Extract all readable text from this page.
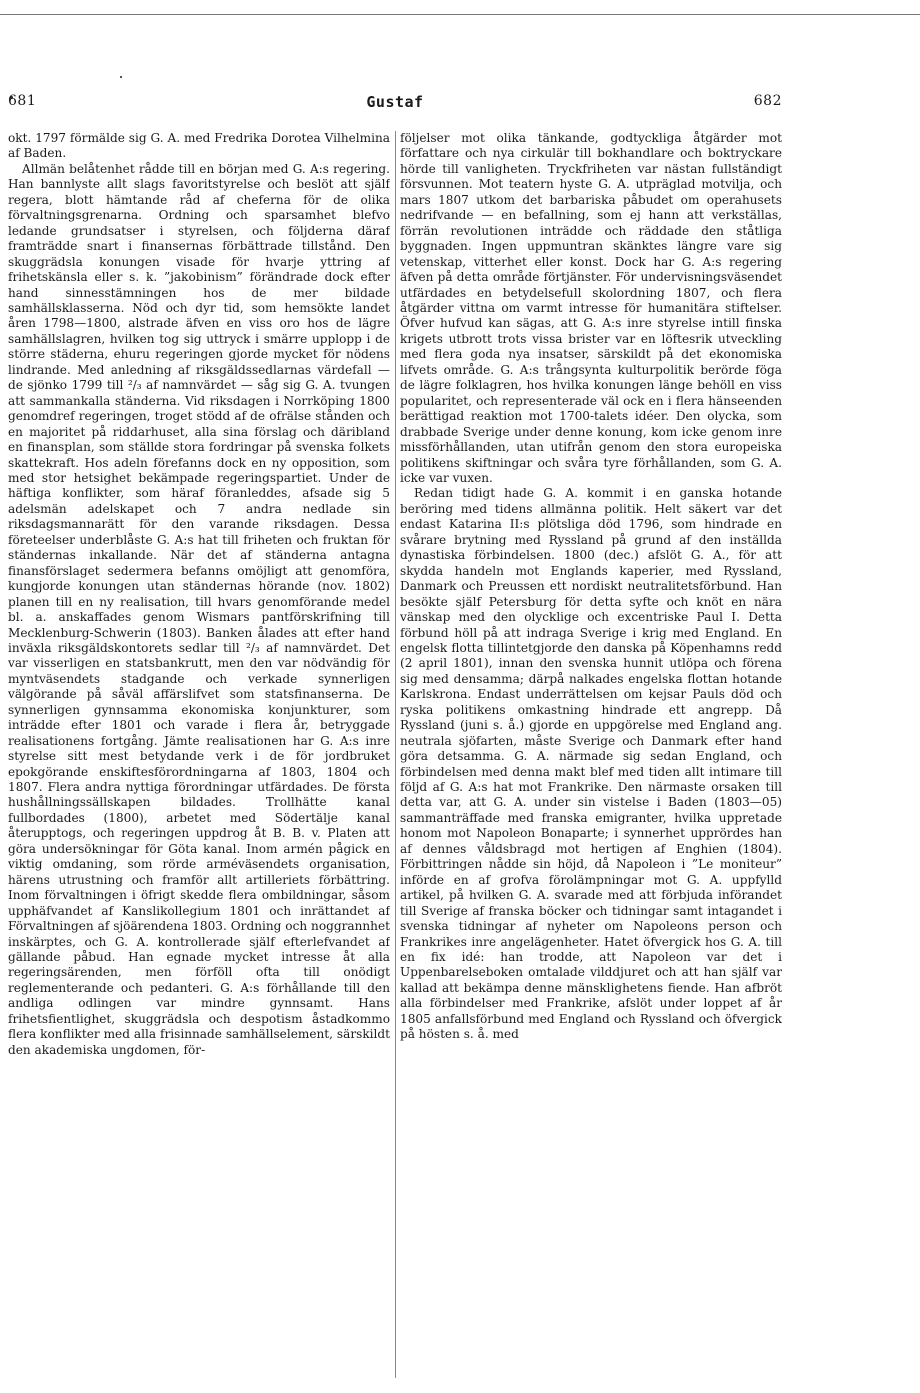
681	Gustaf	682

okt. 1797 förmälde sig G. A. med Fredrika Dorotea Vilhelmina af Baden.

Allmän belåtenhet rådde till en början med G. A:s regering. Han bannlyste allt slags favoritstyrelse och beslöt att själf regera, blott hämtande råd af cheferna för de olika förvaltningsgrenarna. Ordning och sparsamhet blefvo ledande grundsatser i styrelsen, och följderna däraf framträdde snart i finansernas förbättrade tillstånd. Den skuggrädsla konungen visade för hvarje yttring af frihetskänsla eller s. k. ”jakobinism” förändrade dock efter hand sinnesstämningen hos de mer bildade samhällsklasserna. Nöd och dyr tid, som hemsökte landet åren 1798—1800, alstrade äfven en viss oro hos de lägre samhällslagren, hvilken tog sig uttryck i smärre upplopp i de större städerna, ehuru regeringen gjorde mycket för nödens lindrande. Med anledning af riksgäldssedlarnas värdefall — de sjönko 1799 till ²/₃ af namnvärdet — såg sig G. A. tvungen att sammankalla ständerna. Vid riksdagen i Norrköping 1800 genomdref regeringen, troget stödd af de ofrälse stånden och en majoritet på riddarhuset, alla sina förslag och däribland en finansplan, som ställde stora fordringar på svenska folkets skattekraft. Hos adeln förefanns dock en ny opposition, som med stor hetsighet bekämpade regeringspartiet. Under de häftiga konflikter, som häraf föranleddes, afsade sig 5 adelsmän adelskapet och 7 andra nedlade sin riksdagsmannarätt för den varande riksdagen. Dessa företeelser underblåste G. A:s hat till friheten och fruktan för ständernas inkallande. När det af ständerna antagna finansförslaget sedermera befanns omöjligt att genomföra, kungjorde konungen utan ständernas hörande (nov. 1802) planen till en ny realisation, till hvars genomförande medel bl. a. anskaffades genom Wismars pantförskrifning till Mecklenburg-Schwerin (1803). Banken ålades att efter hand inväxla riksgäldskontorets sedlar till ²/₃ af namnvärdet. Det var visserligen en statsbankrutt, men den var nödvändig för myntväsendets stadgande och verkade synnerligen välgörande på såväl affärslifvet som statsfinanserna. De synnerligen gynnsamma ekonomiska konjunkturer, som inträdde efter 1801 och varade i flera år, betryggade realisationens fortgång. Jämte realisationen har G. A:s inre styrelse sitt mest betydande verk i de för jordbruket epokgörande enskiftesförordningarna af 1803, 1804 och 1807. Flera andra nyttiga förordningar utfärdades. De första hushållningssällskapen bildades. Trollhätte kanal fullbordades (1800), arbetet med Södertälje kanal återupptogs, och regeringen uppdrog åt B. B. v. Platen att göra undersökningar för Göta kanal. Inom armén pågick en viktig omdaning, som rörde arméväsendets organisation, härens utrustning och framför allt artilleriets förbättring. Inom förvaltningen i öfrigt skedde flera ombildningar, såsom upphäfvandet af Kanslikollegium 1801 och inrättandet af Förvaltningen af sjöärendena 1803. Ordning och noggrannhet inskärptes, och G. A. kontrollerade själf efterlefvandet af gällande påbud. Han egnade mycket intresse åt alla regeringsärenden, men förföll ofta till onödigt reglementerande och pedanteri. G. A:s förhållande till den andliga odlingen var mindre gynnsamt. Hans frihetsfientlighet, skuggrädsla och despotism åstadkommo flera konflikter med alla frisinnade samhällselement, särskildt den akademiska ungdomen, för-

följelser mot olika tänkande, godtyckliga åtgärder mot författare och nya cirkulär till bokhandlare och boktryckare hörde till vanligheten. Tryckfriheten var nästan fullständigt försvunnen. Mot teatern hyste G. A. utpräglad motvilja, och mars 1807 utkom det barbariska påbudet om operahusets nedrifvande — en befallning, som ej hann att verkställas, förrän revolutionen inträdde och räddade den ståtliga byggnaden. Ingen uppmuntran skänktes längre vare sig vetenskap, vitterhet eller konst. Dock har G. A:s regering äfven på detta område förtjänster. För undervisningsväsendet utfärdades en betydelsefull skolordning 1807, och flera åtgärder vittna om varmt intresse för humanitära stiftelser. Öfver hufvud kan sägas, att G. A:s inre styrelse intill finska krigets utbrott trots vissa brister var en löftesrik utveckling med flera goda nya insatser, särskildt på det ekonomiska lifvets område. G. A:s trångsynta kulturpolitik berörde föga de lägre folklagren, hos hvilka konungen länge behöll en viss popularitet, och representerade väl ock en i flera hänseenden berättigad reaktion mot 1700-talets idéer. Den olycka, som drabbade Sverige under denne konung, kom icke genom inre missförhållanden, utan utifrån genom den stora europeiska politikens skiftningar och svåra tyre förhållanden, som G. A. icke var vuxen.

Redan tidigt hade G. A. kommit i en ganska hotande beröring med tidens allmänna politik. Helt säkert var det endast Katarina II:s plötsliga död 1796, som hindrade en svårare brytning med Ryssland på grund af den inställda dynastiska förbindelsen. 1800 (dec.) afslöt G. A., för att skydda handeln mot Englands kaperier, med Ryssland, Danmark och Preussen ett nordiskt neutralitetsförbund. Han besökte själf Petersburg för detta syfte och knöt en nära vänskap med den olycklige och excentriske Paul I. Detta förbund höll på att indraga Sverige i krig med England. En engelsk flotta tillintetgjorde den danska på Köpenhamns redd (2 april 1801), innan den svenska hunnit utlöpa och förena sig med densamma; därpå nalkades engelska flottan hotande Karlskrona. Endast underrättelsen om kejsar Pauls död och ryska politikens omkastning hindrade ett angrepp. Då Ryssland (juni s. å.) gjorde en uppgörelse med England ang. neutrala sjöfarten, måste Sverige och Danmark efter hand göra detsamma. G. A. närmade sig sedan England, och förbindelsen med denna makt blef med tiden allt intimare till följd af G. A:s hat mot Frankrike. Den närmaste orsaken till detta var, att G. A. under sin vistelse i Baden (1803—05) sammanträffade med franska emigranter, hvilka uppretade honom mot Napoleon Bonaparte; i synnerhet upprördes han af dennes våldsbragd mot hertigen af Enghien (1804). Förbittringen nådde sin höjd, då Napoleon i ”Le moniteur” införde en af grofva förolämpningar mot G. A. uppfylld artikel, på hvilken G. A. svarade med att förbjuda införandet till Sverige af franska böcker och tidningar samt intagandet i svenska tidningar af nyheter om Napoleons person och Frankrikes inre angelägenheter. Hatet öfvergick hos G. A. till en fix idé: han trodde, att Napoleon var det i Uppenbarelseboken omtalade vilddjuret och att han själf var kallad att bekämpa denne mänsklighetens fiende. Han afbröt alla förbindelser med Frankrike, afslöt under loppet af år 1805 anfallsförbund med England och Ryssland och öfvergick på hösten s. å. med
